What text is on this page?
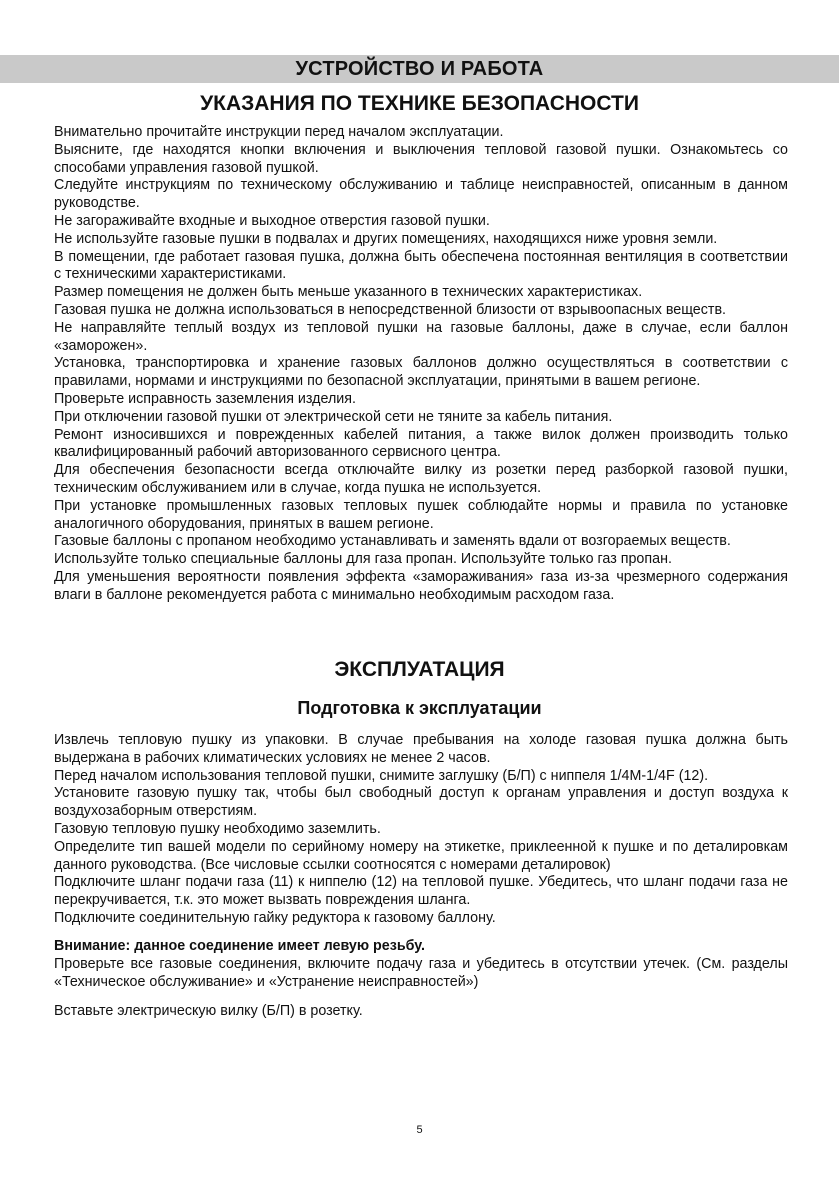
УСТРОЙСТВО И РАБОТА
УКАЗАНИЯ ПО ТЕХНИКЕ БЕЗОПАСНОСТИ

Внимательно прочитайте инструкции перед началом эксплуатации.

Выясните, где находятся кнопки включения и выключения тепловой газовой пушки. Ознакомьтесь со способами управления газовой пушкой.

Следуйте инструкциям по техническому обслуживанию и таблице неисправностей, описанным в данном руководстве.

Не загораживайте входные и выходное отверстия газовой пушки.

Не используйте газовые пушки в подвалах и других помещениях, находящихся ниже уровня земли.

В помещении, где работает газовая пушка, должна быть обеспечена постоянная вентиляция в соответствии с техническими характеристиками.

Размер помещения не должен быть меньше указанного в технических характеристиках.

Газовая пушка не должна использоваться в непосредственной близости от взрывоопасных веществ.

Не направляйте теплый воздух из тепловой пушки на газовые баллоны, даже в случае, если баллон «заморожен».

Установка, транспортировка и хранение газовых баллонов должно осуществляться в соответствии с правилами, нормами и инструкциями по безопасной эксплуатации, принятыми в вашем регионе.

Проверьте исправность заземления изделия.

При отключении газовой пушки от электрической сети не тяните за кабель питания.

Ремонт износившихся и поврежденных кабелей питания, а также вилок должен производить только квалифицированный рабочий авторизованного сервисного центра.

Для обеспечения безопасности всегда отключайте вилку из розетки перед разборкой газовой пушки, техническим обслуживанием или в случае, когда пушка не используется.

При установке промышленных газовых тепловых пушек соблюдайте нормы и правила по установке аналогичного оборудования, принятых в вашем регионе.

Газовые баллоны с пропаном необходимо устанавливать и заменять вдали от возгораемых веществ.

Используйте только специальные баллоны для газа пропан. Используйте только газ пропан.

Для уменьшения вероятности появления эффекта «замораживания» газа из-за чрезмерного содержания влаги в баллоне рекомендуется работа с минимально необходимым расходом газа.

ЭКСПЛУАТАЦИЯ
Подготовка к эксплуатации

Извлечь тепловую пушку из упаковки. В случае пребывания на холоде газовая пушка должна быть выдержана в рабочих климатических условиях не менее 2 часов.

Перед началом использования тепловой пушки, снимите заглушку (Б/П) с ниппеля 1/4M-1/4F (12).

Установите газовую пушку так, чтобы был свободный доступ к органам управления и доступ воздуха к воздухозаборным отверстиям.

Газовую тепловую пушку необходимо заземлить.

Определите тип вашей модели по серийному номеру на этикетке, приклеенной к пушке и по деталировкам данного руководства. (Все числовые ссылки соотносятся с номерами деталировок)

Подключите шланг подачи газа (11) к ниппелю (12) на тепловой пушке. Убедитесь, что шланг подачи газа не перекручивается, т.к. это может вызвать повреждения шланга.

Подключите соединительную гайку редуктора к газовому баллону.

Внимание: данное соединение имеет левую резьбу.

Проверьте все газовые соединения, включите подачу газа и убедитесь в отсутствии утечек. (См. разделы «Техническое обслуживание» и «Устранение неисправностей»)

Вставьте электрическую вилку (Б/П) в розетку.

5
